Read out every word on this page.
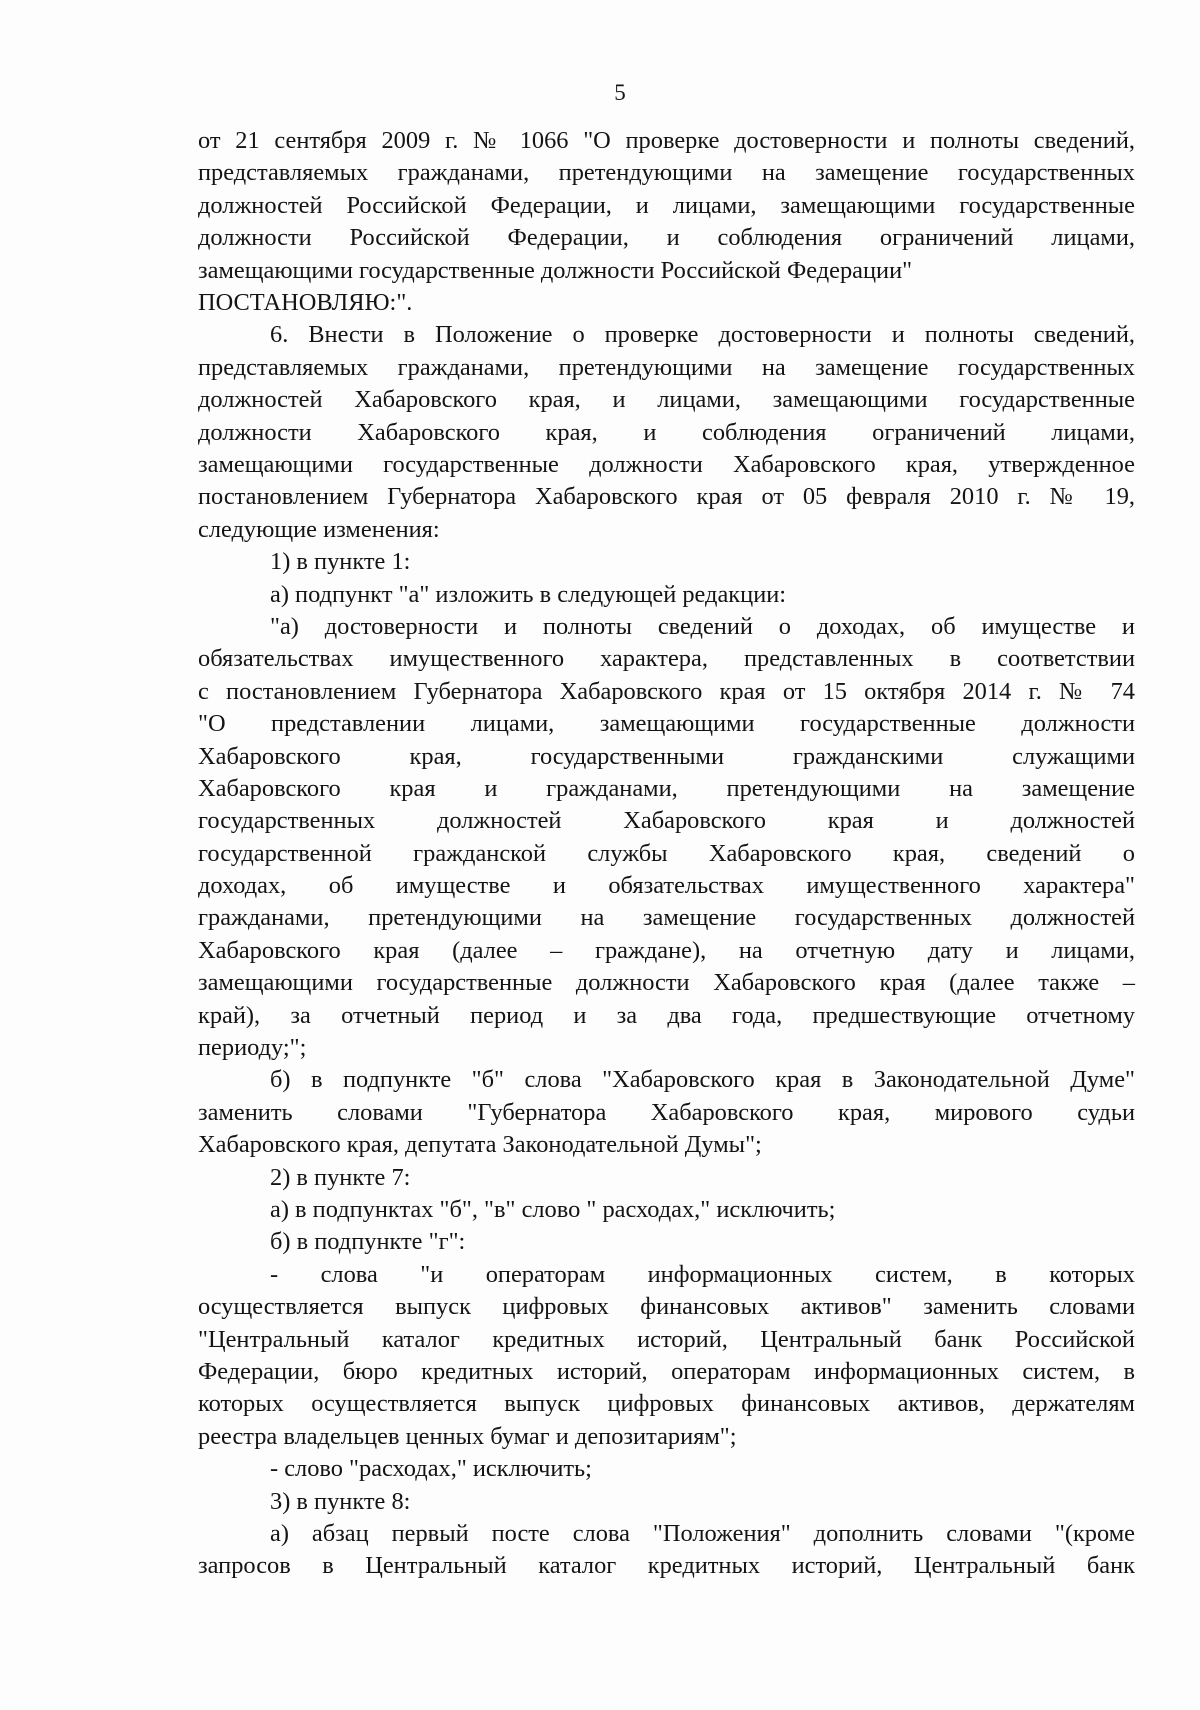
5

от 21 сентября 2009 г. № 1066 "О проверке достоверности и полноты сведений,
представляемых гражданами, претендующими на замещение государственных
должностей Российской Федерации, и лицами, замещающими государственные
должности Российской Федерации, и соблюдения ограничений лицами,
замещающими государственные должности Российской Федерации"
ПОСТАНОВЛЯЮ:".

6. Внести в Положение о проверке достоверности и полноты сведений,
представляемых гражданами, претендующими на замещение государственных
должностей Хабаровского края, и лицами, замещающими государственные
должности Хабаровского края, и соблюдения ограничений лицами,
замещающими государственные должности Хабаровского края, утвержденное
постановлением Губернатора Хабаровского края от 05 февраля 2010 г. № 19,
следующие изменения:

1) в пункте 1:

а) подпункт "а" изложить в следующей редакции:

"а) достоверности и полноты сведений о доходах, об имуществе и
обязательствах имущественного характера, представленных в соответствии
с постановлением Губернатора Хабаровского края от 15 октября 2014 г. № 74
"О представлении лицами, замещающими государственные должности
Хабаровского края, государственными гражданскими служащими
Хабаровского края и гражданами, претендующими на замещение
государственных должностей Хабаровского края и должностей
государственной гражданской службы Хабаровского края, сведений о
доходах, об имуществе и обязательствах имущественного характера"
гражданами, претендующими на замещение государственных должностей
Хабаровского края (далее – граждане), на отчетную дату и лицами,
замещающими государственные должности Хабаровского края (далее также –
край), за отчетный период и за два года, предшествующие отчетному
периоду;";

б) в подпункте "б" слова "Хабаровского края в Законодательной Думе"
заменить словами "Губернатора Хабаровского края, мирового судьи
Хабаровского края, депутата Законодательной Думы";

2) в пункте 7:

а) в подпунктах "б", "в" слово " расходах," исключить;

б) в подпункте "г":

- слова "и операторам информационных систем, в которых
осуществляется выпуск цифровых финансовых активов" заменить словами
"Центральный каталог кредитных историй, Центральный банк Российской
Федерации, бюро кредитных историй, операторам информационных систем, в
которых осуществляется выпуск цифровых финансовых активов, держателям
реестра владельцев ценных бумаг и депозитариям";

- слово "расходах," исключить;

3) в пункте 8:

а) абзац первый посте слова "Положения" дополнить словами "(кроме
запросов в Центральный каталог кредитных историй, Центральный банк
